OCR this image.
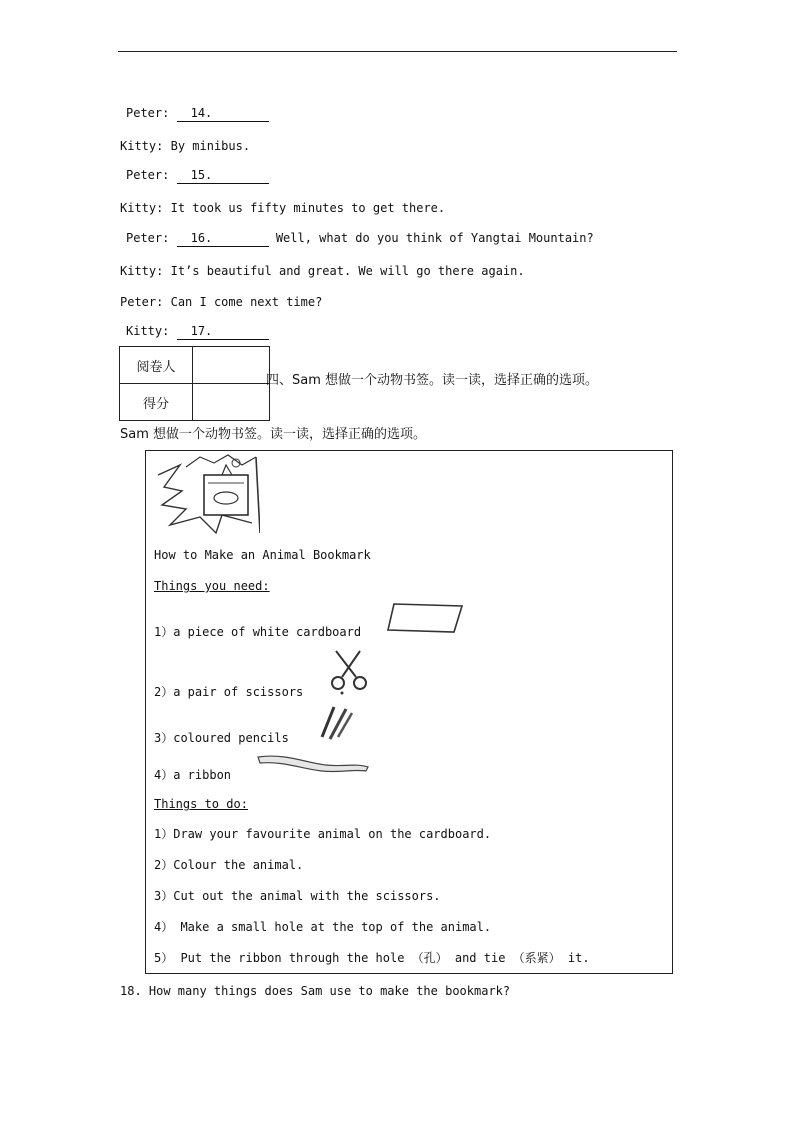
Peter: 14.
Kitty: By minibus.
Peter: 15.
Kitty: It took us fifty minutes to get there.
Peter: 16.	Well, what do you think of Yangtai Mountain?
Kitty: It’s beautiful and great. We will go there again.
Peter: Can I come next time?
Kitty: 17.
阅卷人	
得分	
四、Sam 想做一个动物书签。读一读，选择正确的选项。
Sam 想做一个动物书签。读一读，选择正确的选项。
How to Make an Animal Bookmark
Things you need:
1）a piece of white cardboard
2）a pair of scissors
3）coloured pencils
4）a ribbon
Things to do:
1）Draw your favourite animal on the cardboard.
2）Colour the animal.
3）Cut out the animal with the scissors.
4） Make a small hole at the top of the animal.
5） Put the ribbon through the hole （孔） and tie （系紧） it.
18. How many things does Sam use to make the bookmark?
